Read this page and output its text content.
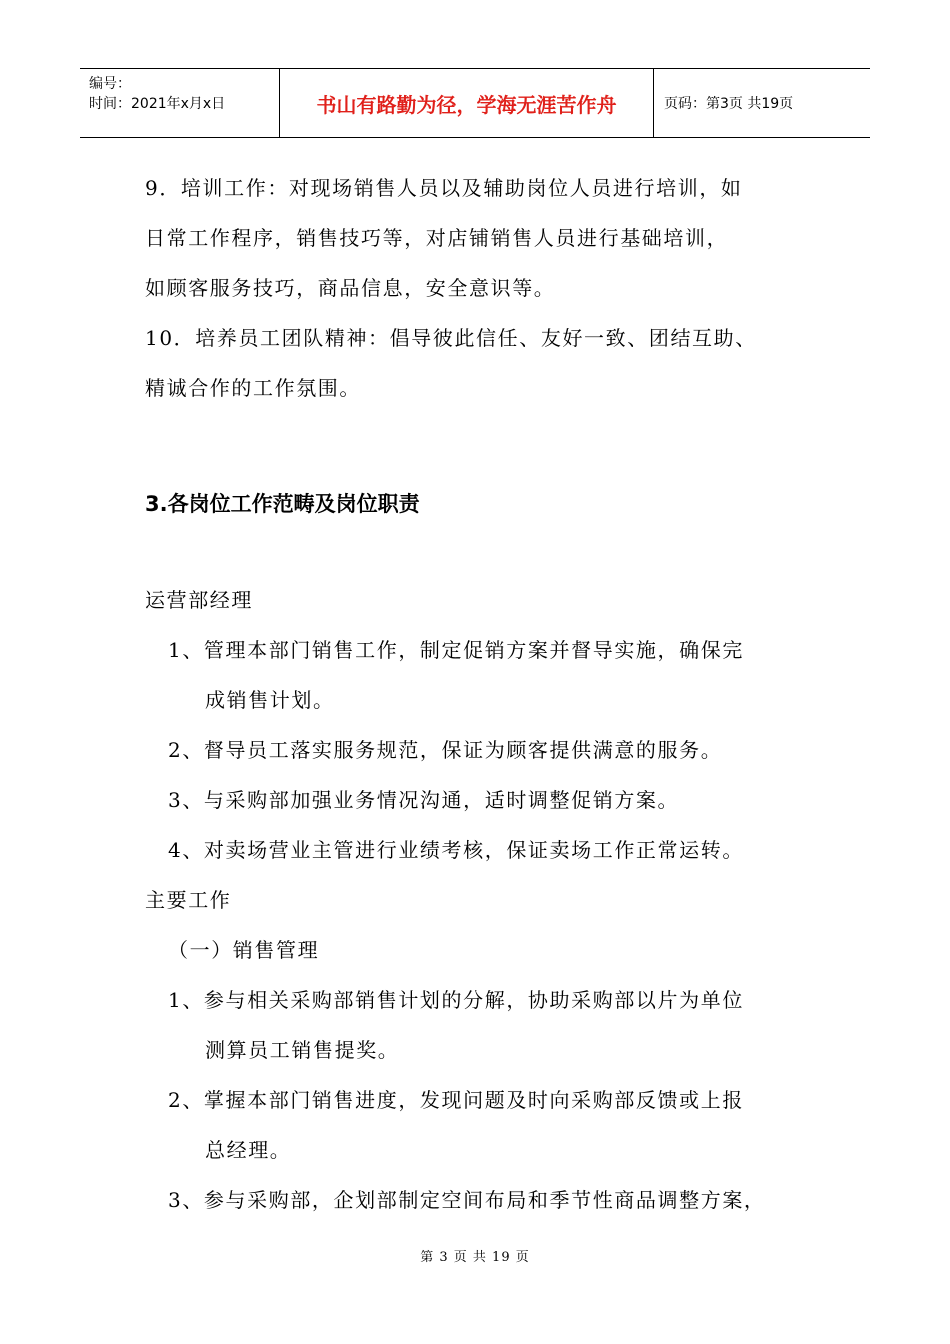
编号：
时间：2021年x月x日	书山有路勤为径，学海无涯苦作舟	页码：第3页 共19页
9．培训工作：对现场销售人员以及辅助岗位人员进行培训，如
日常工作程序，销售技巧等，对店铺销售人员进行基础培训，
如顾客服务技巧，商品信息，安全意识等。
10．培养员工团队精神：倡导彼此信任、友好一致、团结互助、
精诚合作的工作氛围。
3.各岗位工作范畴及岗位职责
运营部经理
1、管理本部门销售工作，制定促销方案并督导实施，确保完
成销售计划。
2、督导员工落实服务规范，保证为顾客提供满意的服务。
3、与采购部加强业务情况沟通，适时调整促销方案。
4、对卖场营业主管进行业绩考核，保证卖场工作正常运转。
主要工作
（一）销售管理
1、参与相关采购部销售计划的分解，协助采购部以片为单位
测算员工销售提奖。
2、掌握本部门销售进度，发现问题及时向采购部反馈或上报
总经理。
3、参与采购部，企划部制定空间布局和季节性商品调整方案，
第 3 页 共 19 页
